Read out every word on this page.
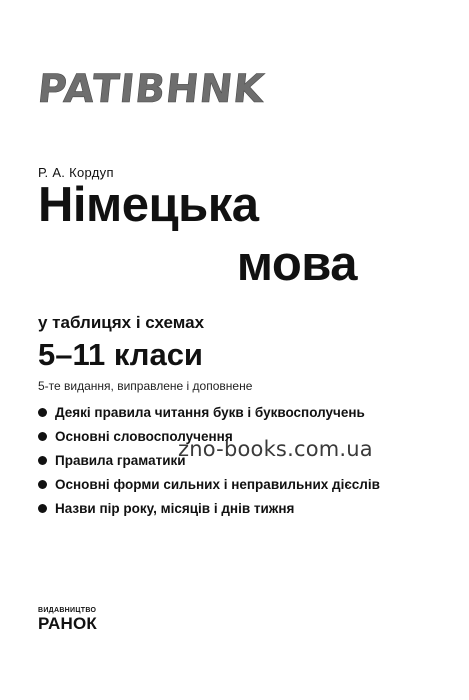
PATIBHNK
Р. А. Кордуп
Німецька
мова
у таблицях і схемах
5–11 класи
5-те видання, виправлене і доповнене
Деякі правила читання букв і буквосполучень
Основні словосполучення
Правила граматики
Основні форми сильних і неправильних дієслів
Назви пір року, місяців і днів тижня
zno-books.com.ua
ВИДАВНИЦТВО
РАНОК
